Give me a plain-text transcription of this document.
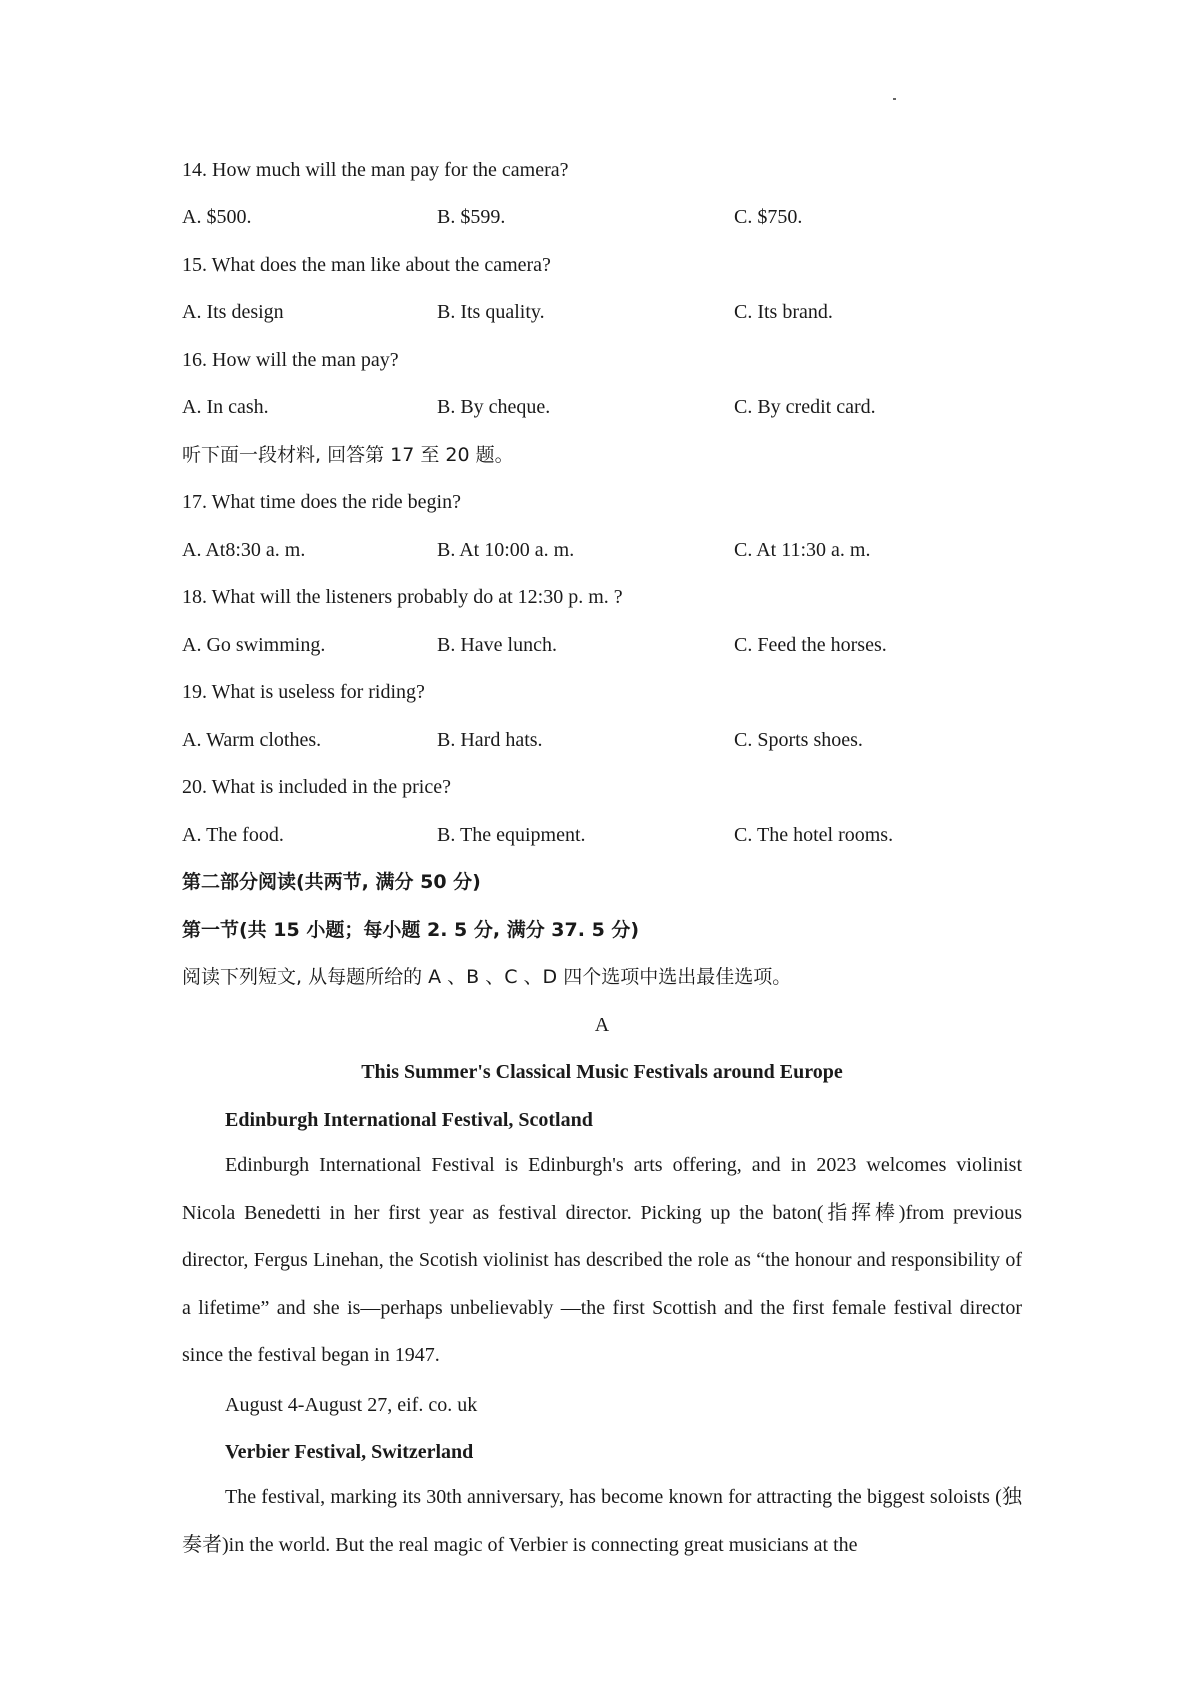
14. How much will the man pay for the camera?
A. $500.	B. $599.	C. $750.
15. What does the man like about the camera?
A. Its design	B. Its quality.	C. Its brand.
16. How will the man pay?
A. In cash.	B. By cheque.	C. By credit card.
听下面一段材料, 回答第 17 至 20 题。
17. What time does the ride begin?
A. At8:30 a. m.	B. At 10:00 a. m.	C. At 11:30 a. m.
18. What will the listeners probably do at 12:30 p. m. ?
A. Go swimming.	B. Have lunch.	C. Feed the horses.
19. What is useless for riding?
A. Warm clothes.	B. Hard hats.	C. Sports shoes.
20. What is included in the price?
A. The food.	B. The equipment.	C. The hotel rooms.
第二部分阅读(共两节, 满分 50 分)
第一节(共 15 小题；每小题 2. 5 分, 满分 37. 5 分)
阅读下列短文, 从每题所给的 A 、B 、C 、D 四个选项中选出最佳选项。
A
This Summer's Classical Music Festivals around Europe
Edinburgh International Festival, Scotland

Edinburgh International Festival is Edinburgh's arts offering, and in 2023 welcomes violinist Nicola Benedetti in her first year as festival director. Picking up the baton(指挥棒)from previous director, Fergus Linehan, the Scotish violinist has described the role as “the honour and responsibility of a lifetime” and she is—perhaps unbelievably —the first Scottish and the first female festival director since the festival began in 1947.

August 4-August 27, eif. co. uk
Verbier Festival, Switzerland

The festival, marking its 30th anniversary, has become known for attracting the biggest soloists (独奏者)in the world. But the real magic of Verbier is connecting great musicians at the
